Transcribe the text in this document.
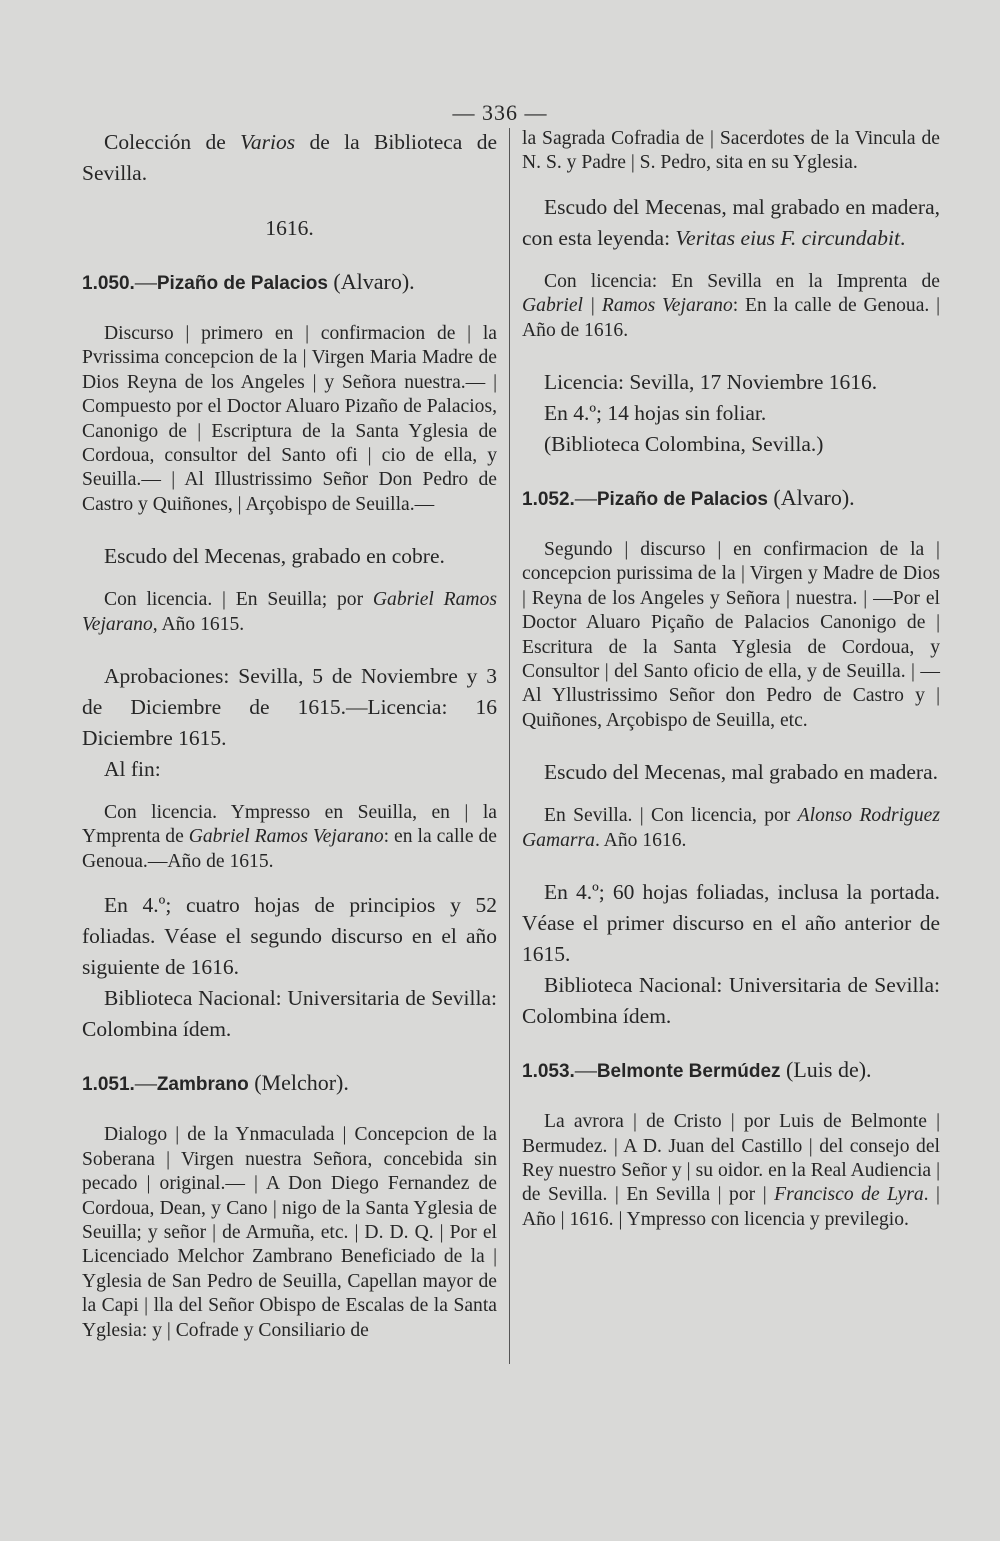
— 336 —

Colección de Varios de la Biblioteca de Sevilla.

1616.

1.050.—Pizaño de Palacios (Alvaro).

Discurso | primero en | confirmacion de | la Pvrissima concepcion de la | Virgen Maria Madre de Dios Reyna de los Angeles | y Señora nuestra.— | Compuesto por el Doctor Aluaro Pizaño de Palacios, Canonigo de | Escriptura de la Santa Yglesia de Cordoua, consultor del Santo ofi | cio de ella, y Seuilla.— | Al Illustrissimo Señor Don Pedro de Castro y Quiñones, | Arçobispo de Seuilla.—

Escudo del Mecenas, grabado en cobre.

Con licencia. | En Seuilla; por Gabriel Ramos Vejarano, Año 1615.

Aprobaciones: Sevilla, 5 de Noviembre y 3 de Diciembre de 1615.—Licencia: 16 Diciembre 1615.

Al fin:

Con licencia. Ympresso en Seuilla, en | la Ymprenta de Gabriel Ramos Vejarano: en la calle de Genoua.—Año de 1615.

En 4.º; cuatro hojas de principios y 52 foliadas. Véase el segundo discurso en el año siguiente de 1616.

Biblioteca Nacional: Universitaria de Sevilla: Colombina ídem.

1.051.—Zambrano (Melchor).

Dialogo | de la Ynmaculada | Concepcion de la Soberana | Virgen nuestra Señora, concebida sin pecado | original.— | A Don Diego Fernandez de Cordoua, Dean, y Cano | nigo de la Santa Yglesia de Seuilla; y señor | de Armuña, etc. | D. D. Q. | Por el Licenciado Melchor Zambrano Beneficiado de la | Yglesia de San Pedro de Seuilla, Capellan mayor de la Capi | lla del Señor Obispo de Escalas de la Santa Yglesia: y | Cofrade y Consiliario de

la Sagrada Cofradia de | Sacerdotes de la Vincula de N. S. y Padre | S. Pedro, sita en su Yglesia.

Escudo del Mecenas, mal grabado en madera, con esta leyenda: Veritas eius F. circundabit.

Con licencia: En Sevilla en la Imprenta de Gabriel | Ramos Vejarano: En la calle de Genoua. | Año de 1616.

Licencia: Sevilla, 17 Noviembre 1616.

En 4.º; 14 hojas sin foliar.

(Biblioteca Colombina, Sevilla.)

1.052.—Pizaño de Palacios (Alvaro).

Segundo | discurso | en confirmacion de la | concepcion purissima de la | Virgen y Madre de Dios | Reyna de los Angeles y Señora | nuestra. | —Por el Doctor Aluaro Piçaño de Palacios Canonigo de | Escritura de la Santa Yglesia de Cordoua, y Consultor | del Santo oficio de ella, y de Seuilla. | —Al Yllustrissimo Señor don Pedro de Castro y | Quiñones, Arçobispo de Seuilla, etc.

Escudo del Mecenas, mal grabado en madera.

En Sevilla. | Con licencia, por Alonso Rodriguez Gamarra. Año 1616.

En 4.º; 60 hojas foliadas, inclusa la portada. Véase el primer discurso en el año anterior de 1615.

Biblioteca Nacional: Universitaria de Sevilla: Colombina ídem.

1.053.—Belmonte Bermúdez (Luis de).

La avrora | de Cristo | por Luis de Belmonte | Bermudez. | A D. Juan del Castillo | del consejo del Rey nuestro Señor y | su oidor. en la Real Audiencia | de Sevilla. | En Sevilla | por | Francisco de Lyra. | Año | 1616. | Ympresso con licencia y previlegio.
